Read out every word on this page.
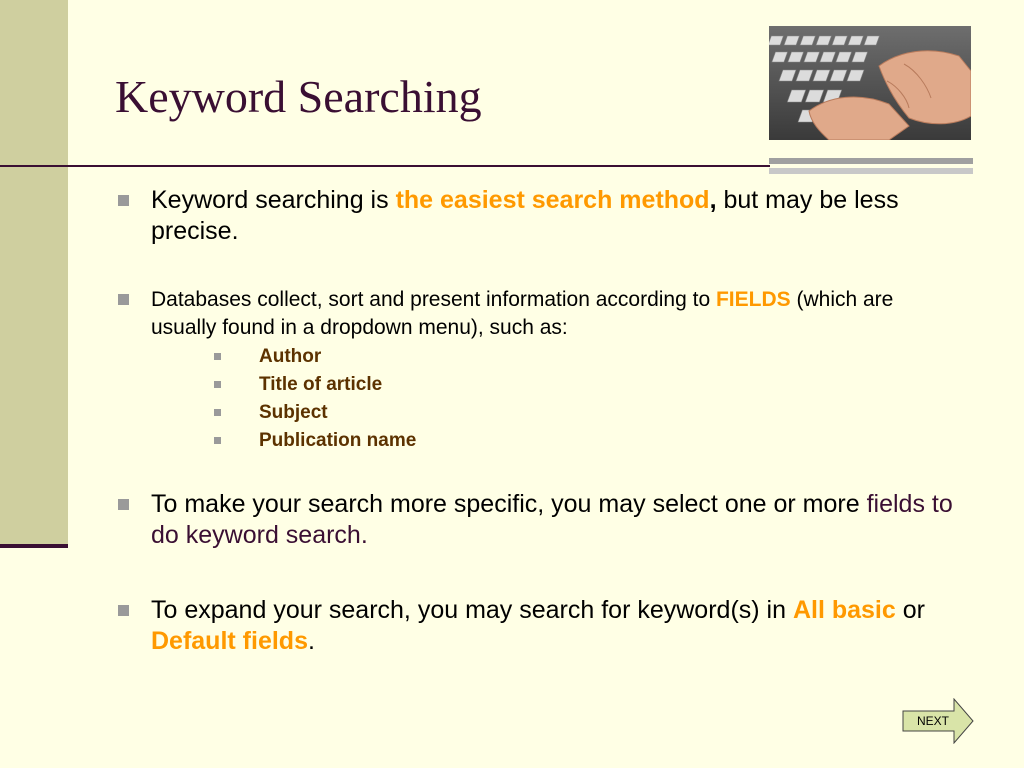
Keyword Searching
Keyword searching is the easiest search method, but may be less precise.
Databases collect, sort and present information according to FIELDS (which are usually found in a dropdown menu), such as:
Author
Title of article
Subject
Publication name
To make your search more specific, you may select one or more fields to do keyword search.
To expand your search, you may search for keyword(s) in All basic or Default fields.
NEXT
